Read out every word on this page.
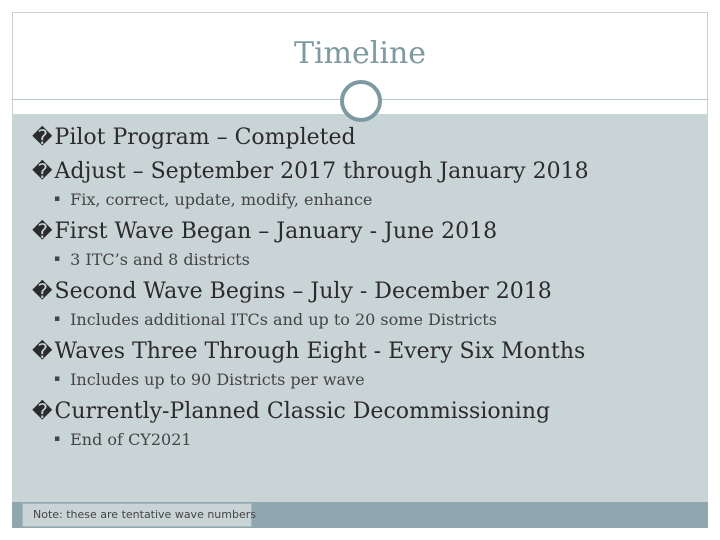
Timeline
�Pilot Program – Completed
�Adjust – September 2017 through January 2018
▪ Fix, correct, update, modify, enhance
�First Wave Began – January - June 2018
▪ 3 ITC’s and 8 districts
�Second Wave Begins – July - December 2018
▪ Includes additional ITCs and up to 20 some Districts
�Waves Three Through Eight - Every Six Months
▪ Includes up to 90 Districts per wave
�Currently-Planned Classic Decommissioning
▪ End of CY2021
Note: these are tentative wave numbers
